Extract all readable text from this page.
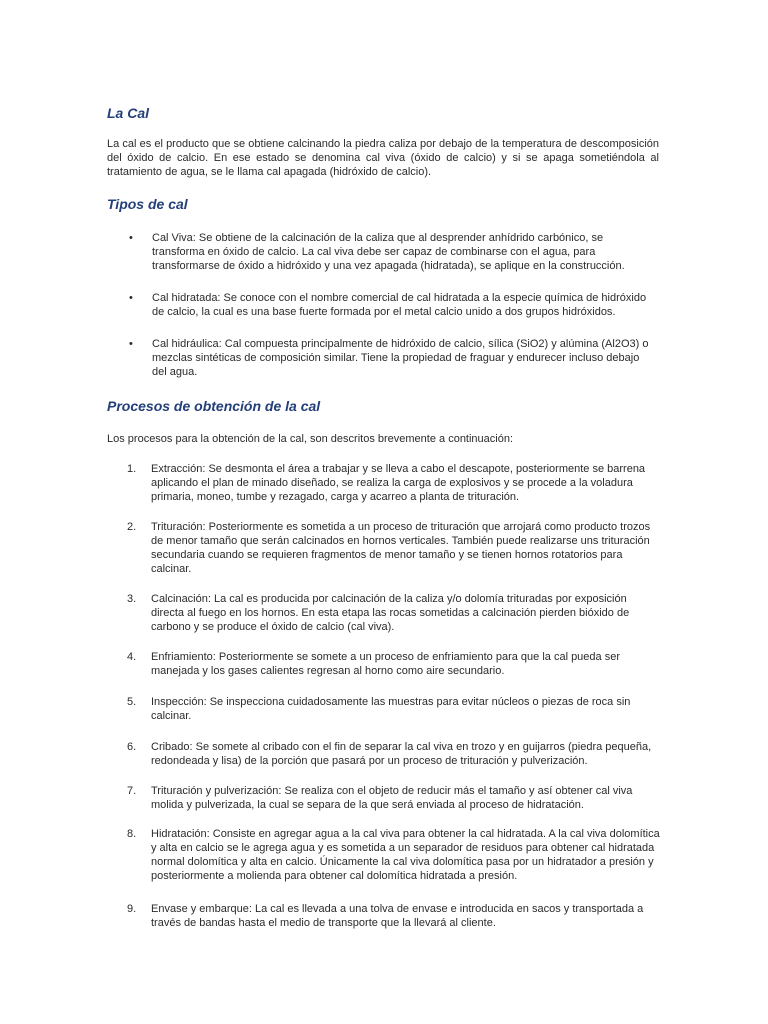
La Cal

La cal es el producto que se obtiene calcinando la piedra caliza por debajo de la temperatura de descomposición del óxido de calcio. En ese estado se denomina cal viva (óxido de calcio) y si se apaga sometiéndola al tratamiento de agua, se le llama cal apagada (hidróxido de calcio).

Tipos de cal
• Cal Viva: Se obtiene de la calcinación de la caliza que al desprender anhídrido carbónico, se transforma en óxido de calcio. La cal viva debe ser capaz de combinarse con el agua, para transformarse de óxido a hidróxido y una vez apagada (hidratada), se aplique en la construcción.
• Cal hidratada: Se conoce con el nombre comercial de cal hidratada a la especie química de hidróxido de calcio, la cual es una base fuerte formada por el metal calcio unido a dos grupos hidróxidos.
• Cal hidráulica: Cal compuesta principalmente de hidróxido de calcio, sílica (SiO2) y alúmina (Al2O3) o mezclas sintéticas de composición similar. Tiene la propiedad de fraguar y endurecer incluso debajo del agua.
Procesos de obtención de la cal

Los procesos para la obtención de la cal, son descritos brevemente a continuación:

1. Extracción: Se desmonta el área a trabajar y se lleva a cabo el descapote, posteriormente se barrena aplicando el plan de minado diseñado, se realiza la carga de explosivos y se procede a la voladura primaria, moneo, tumbe y rezagado, carga y acarreo a planta de trituración.
2. Trituración: Posteriormente es sometida a un proceso de trituración que arrojará como producto trozos de menor tamaño que serán calcinados en hornos verticales. También puede realizarse uns trituración secundaria cuando se requieren fragmentos de menor tamaño y se tienen hornos rotatorios para calcinar.
3. Calcinación: La cal es producida por calcinación de la caliza y/o dolomía trituradas por exposición directa al fuego en los hornos. En esta etapa las rocas sometidas a calcinación pierden bióxido de carbono y se produce el óxido de calcio (cal viva).
4. Enfriamiento: Posteriormente se somete a un proceso de enfriamiento para que la cal pueda ser manejada y los gases calientes regresan al horno como aire secundario.
5. Inspección: Se inspecciona cuidadosamente las muestras para evitar núcleos o piezas de roca sin calcinar.
6. Cribado: Se somete al cribado con el fin de separar la cal viva en trozo y en guijarros (piedra pequeña, redondeada y lisa) de la porción que pasará por un proceso de trituración y pulverización.
7. Trituración y pulverización: Se realiza con el objeto de reducir más el tamaño y así obtener cal viva molida y pulverizada, la cual se separa de la que será enviada al proceso de hidratación.
8. Hidratación: Consiste en agregar agua a la cal viva para obtener la cal hidratada. A la cal viva dolomítica y alta en calcio se le agrega agua y es sometida a un separador de residuos para obtener cal hidratada normal dolomítica y alta en calcio. Únicamente la cal viva dolomítica pasa por un hidratador a presión y posteriormente a molienda para obtener cal dolomítica hidratada a presión.
9. Envase y embarque: La cal es llevada a una tolva de envase e introducida en sacos y transportada a través de bandas hasta el medio de transporte que la llevará al cliente.
